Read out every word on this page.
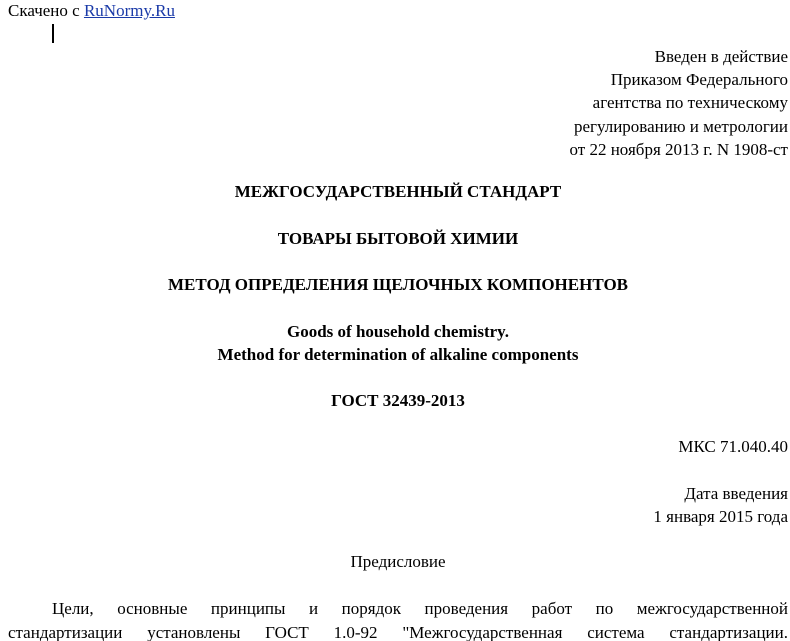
Скачено с RuNormy.Ru
Введен в действие
Приказом Федерального
агентства по техническому
регулированию и метрологии
от 22 ноября 2013 г. N 1908-ст
МЕЖГОСУДАРСТВЕННЫЙ СТАНДАРТ
ТОВАРЫ БЫТОВОЙ ХИМИИ
МЕТОД ОПРЕДЕЛЕНИЯ ЩЕЛОЧНЫХ КОМПОНЕНТОВ
Goods of household chemistry.
Method for determination of alkaline components
ГОСТ 32439-2013
МКС 71.040.40
Дата введения
1 января 2015 года
Предисловие
Цели, основные принципы и порядок проведения работ по межгосударственной
стандартизации установлены ГОСТ 1.0-92 "Межгосударственная система стандартизации.
